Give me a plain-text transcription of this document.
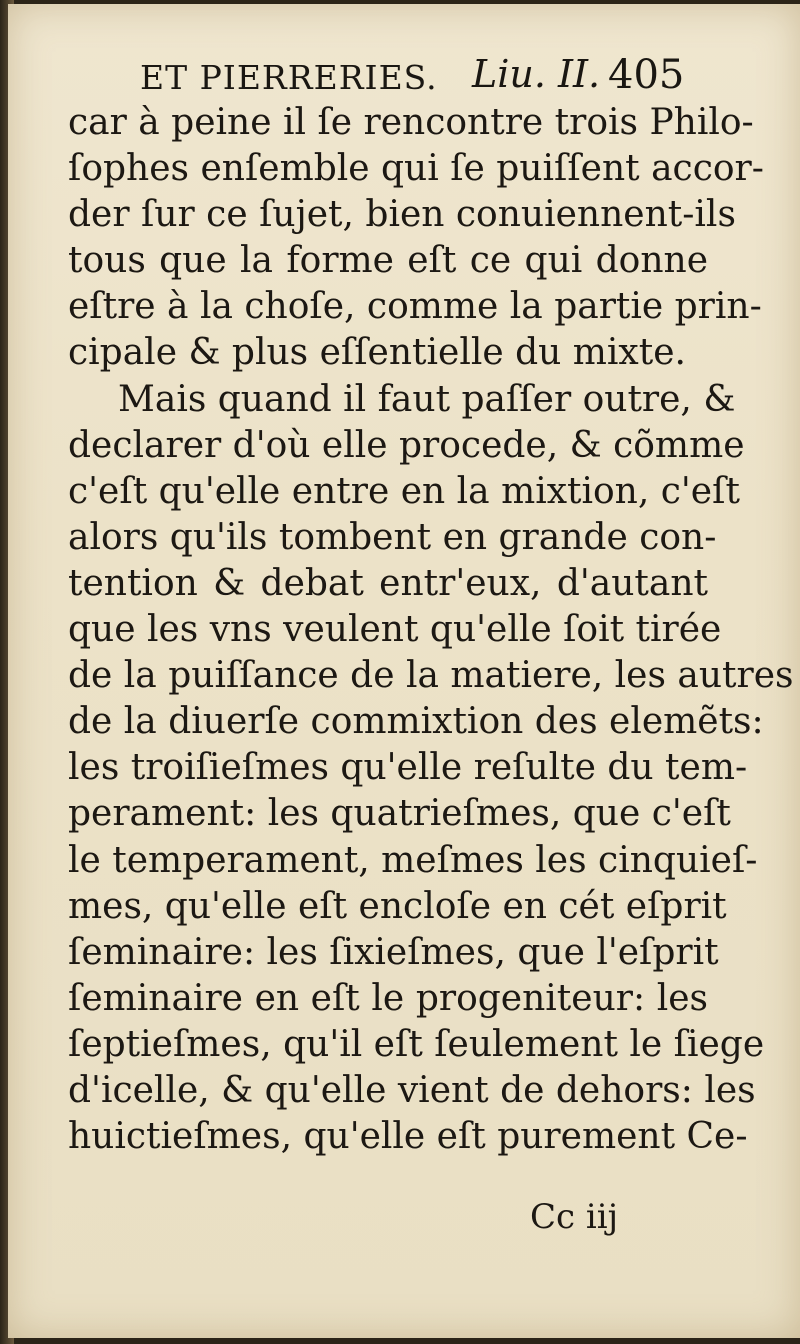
ET PIERRERIES. Liu. II. 405
car à peine il ſe rencontre trois Philo-
ſophes enſemble qui ſe puiſſent accor-
der ſur ce ſujet, bien conuiennent-ils
tous que la forme eſt ce qui donne
eſtre à la choſe, comme la partie prin-
cipale & plus eſſentielle du mixte.
Mais quand il faut paſſer outre, &
declarer d'où elle procede, & cõmme
c'eſt qu'elle entre en la mixtion, c'eſt
alors qu'ils tombent en grande con-
tention & debat entr'eux, d'autant
que les vns veulent qu'elle ſoit tirée
de la puiſſance de la matiere, les autres
de la diuerſe commixtion des elemẽts:
les troiſieſmes qu'elle reſulte du tem-
perament: les quatrieſmes, que c'eſt
le temperament, meſmes les cinquieſ-
mes, qu'elle eſt encloſe en cét eſprit
ſeminaire: les ſixieſmes, que l'eſprit
ſeminaire en eſt le progeniteur: les
ſeptieſmes, qu'il eſt ſeulement le ſiege
d'icelle, & qu'elle vient de dehors: les
huictieſmes, qu'elle eſt purement Ce-
Cc iij
